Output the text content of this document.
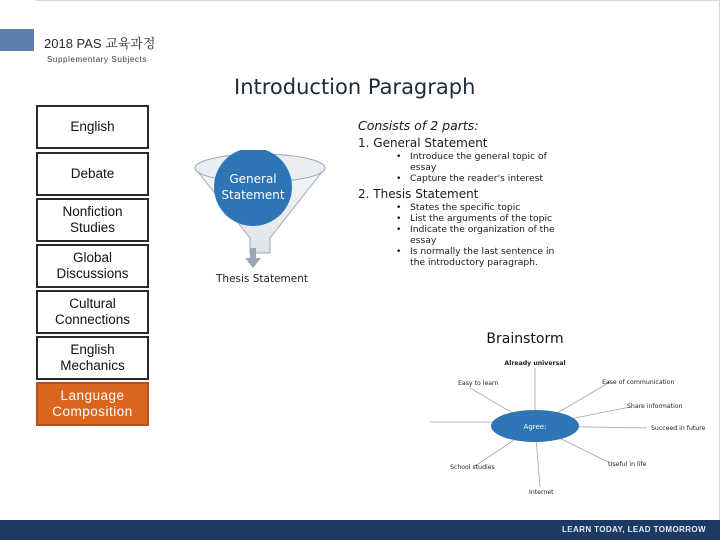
2018 PAS 교육과정
Supplementary Subjects
Introduction Paragraph
English
Debate
Nonfiction
Studies
Global
Discussions
Cultural
Connections
English
Mechanics
Language
Composition
General
Statement
Thesis Statement
Consists of 2 parts:
1. General Statement
• Introduce the general topic of essay
• Capture the reader's interest
2. Thesis Statement
• States the specific topic
• List the arguments of the topic
• Indicate the organization of the essay
• Is normally the last sentence in the introductory paragraph.
Brainstorm
Agree:
Already universal
Ease of communication
Easy to learn
Share information
Succeed in future
Useful in life
Internet
School studies
LEARN TODAY, LEAD TOMORROW
